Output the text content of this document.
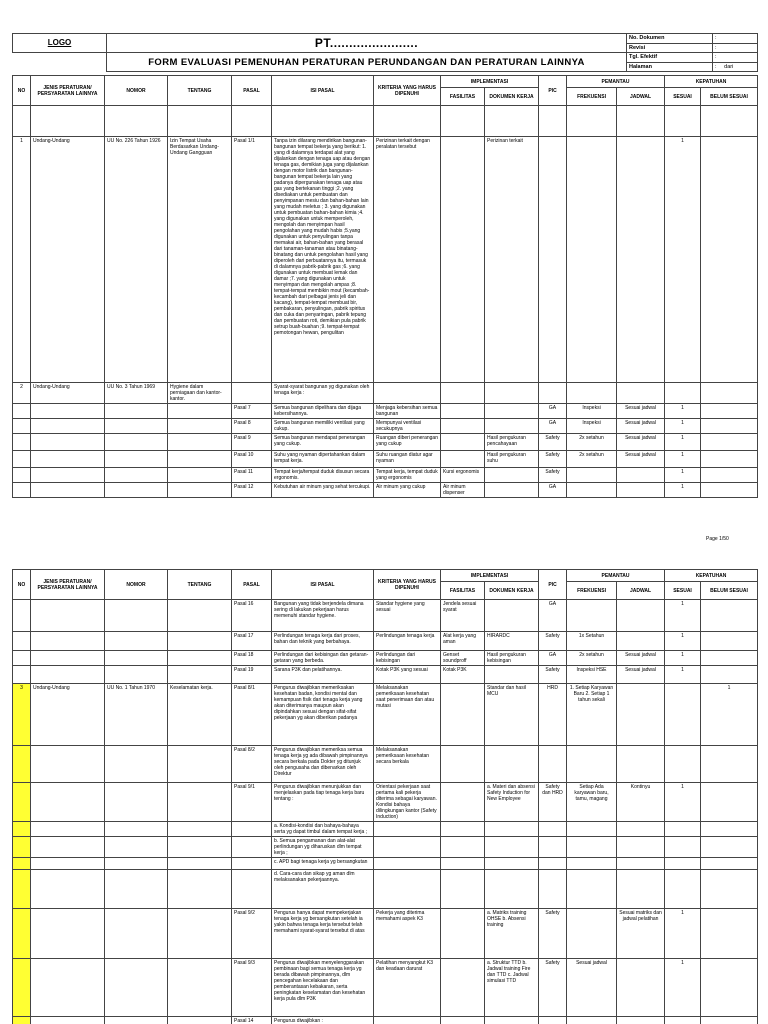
LOGO	PT.......................	No. Dokumen	:
		Revisi	:
	FORM EVALUASI PEMENUHAN PERATURAN PERUNDANGAN DAN PERATURAN LAINNYA	Tgl. Efektif	:
		Halaman	: dari
NO	JENIS PERATURAN/ PERSYARATAN LAINNYA	NOMOR	TENTANG	PASAL	ISI PASAL	KRITERIA YANG HARUS DIPENUHI	IMPLEMENTASI		PIC	PEMANTAU		KEPATUHAN	
							FASILITAS	DOKUMEN KERJA		FREKUENSI	JADWAL	SESUAI	BELUM SESUAI

1	Undang-Undang	UU No. 226 Tahun 1926	Izin Tempat Usaha Berdasarkan Undang-Undang Gangguan	Pasal 1/1	Tanpa izin dilarang mendirikan bangunan-bangunan tempat bekerja yang berikut: 1. yang di dalamnya terdapat alat yang dijalankan dengan tenaga uap atau dengan tenaga gas, demikian juga yang dijalankan dengan motor listrik dan bangunan-bangunan tempat bekerja lain yang padanya dipergunakan tenaga uap atau gas yang bertekanan tinggi ;2. yang disediakan untuk pembuatan dan penyimpanan mesiu dan bahan-bahan lain yang mudah meletus ; 3. yang digunakan untuk pembuatan bahan-bahan kimia ;4. yang digunakan untuk memperoleh, mengolah dan menyimpan hasil pengolahan yang mudah habis ;5.yang digunakan untuk penyulingan tanpa memakai air, bahan-bahan yang berasal dari tanaman-tanaman atau binatang-binatang dan untuk pengolahan hasil yang diperoleh dari perbuatannya itu, termasuk di dalamnya pabrik-pabrik gas ;6. yang digunakan untuk membuat lemak dan damar ;7. yang digunakan untuk menyimpan dan mengolah ampas ;8. tempat-tempat membikin mout (kecambah-kecambah dari pelbagai jenis jeli dan kacang), tempat-tempat membuat bir, pembakaran, penyulingan, pabrik spiritus dan cuka dan penyaringan, pabrik tepung dan pembuatan roti, demikian pula pabrik setrup buah-buahan ;9. tempat-tempat pemotongan hewan, pengulitan	Perizinan terkait dengan peralatan tersebut		Perizinan terkait				1	
2	Undang-Undang	UU No. 3 Tahun 1969	Hygiene dalam perniagaan dan kantor-kantor.		Syarat-syarat bangunan yg digunakan oleh tenaga kerja :								
				Pasal 7	Semua bangunan dipelihara dan dijaga kebersihannya.	Menjaga kebersihan semua bangunan			GA	Inspeksi	Sesuai jadwal	1	
				Pasal 8	Semua bangunan memiliki ventilasi yang cukup.	Mempunyai ventilasi secukupnya			GA	Inspeksi	Sesuai jadwal	1	
				Pasal 9	Semua bangunan mendapat penerangan yang cukup.	Ruangan diberi penerangan yang cukup		Hasil pengukuran pencahayaan	Safety	2x setahun	Sesuai jadwal	1	
				Pasal 10	Suhu yang nyaman dipertahankan dalam tempat kerja.	Suhu ruangan diatur agar nyaman		Hasil pengukuran suhu	Safety	2x setahun	Sesuai jadwal	1	
				Pasal 11	Tempat kerja/tempat duduk disusun secara ergonomis.	Tempat kerja, tempat duduk yang ergonomis	Kursi ergonomis		Safety			1	
				Pasal 12	Kebutuhan air minum yang sehat tercukupi.	Air minum yang cukup	Air minum dispenser		GA			1	
Page 1/50
NO	JENIS PERATURAN/ PERSYARATAN LAINNYA	NOMOR	TENTANG	PASAL	ISI PASAL	KRITERIA YANG HARUS DIPENUHI	IMPLEMENTASI		PIC	PEMANTAU		KEPATUHAN	
							FASILITAS	DOKUMEN KERJA		FREKUENSI	JADWAL	SESUAI	BELUM SESUAI
				Pasal 16	Bangunan yang tidak berjendela dimana sering di lakukan pekerjaan harus memenuhi standar hygiene.	Standar hygiene yang sesuai	Jendela sesuai syarat		GA			1	
				Pasal 17	Perlindungan tenaga kerja dari proses, bahan dan teknik yang berbahaya.	Perlindungan tenaga kerja	Alat kerja yang aman	HIRARDC	Safety	1x Setahun		1	
				Pasal 18	Perlindungan dari kebisingan dan getaran-getaran yang berbeda.	Perlindungan dari kebisingan	Genset soundproff	Hasil pengukuran kebisingan	GA	2x setahun	Sesuai jadwal	1	
				Pasal 19	Sarana P3K dan pelatihannya.	Kotak P3K yang sesuai	Kotak P3K		Safety	Inspeksi HSE	Sesuai jadwal	1	
3	Undang-Undang	UU No. 1 Tahun 1970	Keselamatan kerja.	Pasal 8/1	Pengurus diwajibkan memeriksakan kesehatan badan, kondisi mental dan kemampuan fisik dari tenaga kerja yang akan diterimanya maupun akan dipindahkan sesuai dengan sifat-sifat pekerjaan yg akan diberikan padanya	Melaksanakan pemeriksaan kesehatan saat penerimaan dan atau mutasi		Standar dan hasil MCU	HRD	1. Setiap Karyawan Baru 2. Setiap 1 tahun sekali			1
				Pasal 8/2	Pengurus diwajibkan memeriksa semua tenaga kerja yg ada dibawah pimpinannya secara berkala pada Dokter yg ditunjuk oleh pengusaha dan dibenarkan oleh Direktur	Melaksanakan pemeriksaan kesehatan secara berkala							
				Pasal 9/1	Pengurus diwajibkan menunjukkan dan menjelaskan pada tiap tenaga kerja baru tentang :	Orientasi pekerjaan saat pertama kali pekerja diterima sebagai karyawan. Kondisi bahaya dilingkungan kantor (Safety Induction)		a. Materi dan absensi Safety Induction for New Employee	Safety dan HRD	Setiap Ada karyawan baru, tamu, magang	Kontinyu	1	
					a. Kondisi-kondisi dan bahaya-bahaya serta yg dapat timbul dalam tempat kerja ;								
					b. Semua pengamanan dan alat-alat perlindungan yg diharuskan dlm tempat kerja ;								
					c. APD bagi tenaga kerja yg bersangkutan								
					d. Cara-cara dan sikap yg aman dlm melaksanakan pekerjaannya.								
				Pasal 9/2	Pengurus hanya dapat mempekerjakan tenaga kerja yg bersangkutan setelah ia yakin bahwa tenaga kerja tersebut telah memahami syarat-syarat tersebut di atas	Pekerja yang diterima memahami aspek K3		a. Matriks training OHSE b. Absensi training	Safety		Sesuai matriks dan jadwal pelatihan	1	
				Pasal 9/3	Pengurus diwajibkan menyelenggarakan pembinaan bagi semua tenaga kerja yg berada dibawah pimpinannya, dlm pencegahan kecelakaan dan pemberantasan kebakaran, serta peningkatan keselamatan dan kesehatan kerja pula dlm P3K	Pelatihan menyangkut K3 dan keadaan darurat		a. Struktur TTD b. Jadwal training Fire dan TTD c. Jadwal simulasi TTD	Safety	Sesuai jadwal		1	
				Pasal 14	Pengurus diwajibkan :								
